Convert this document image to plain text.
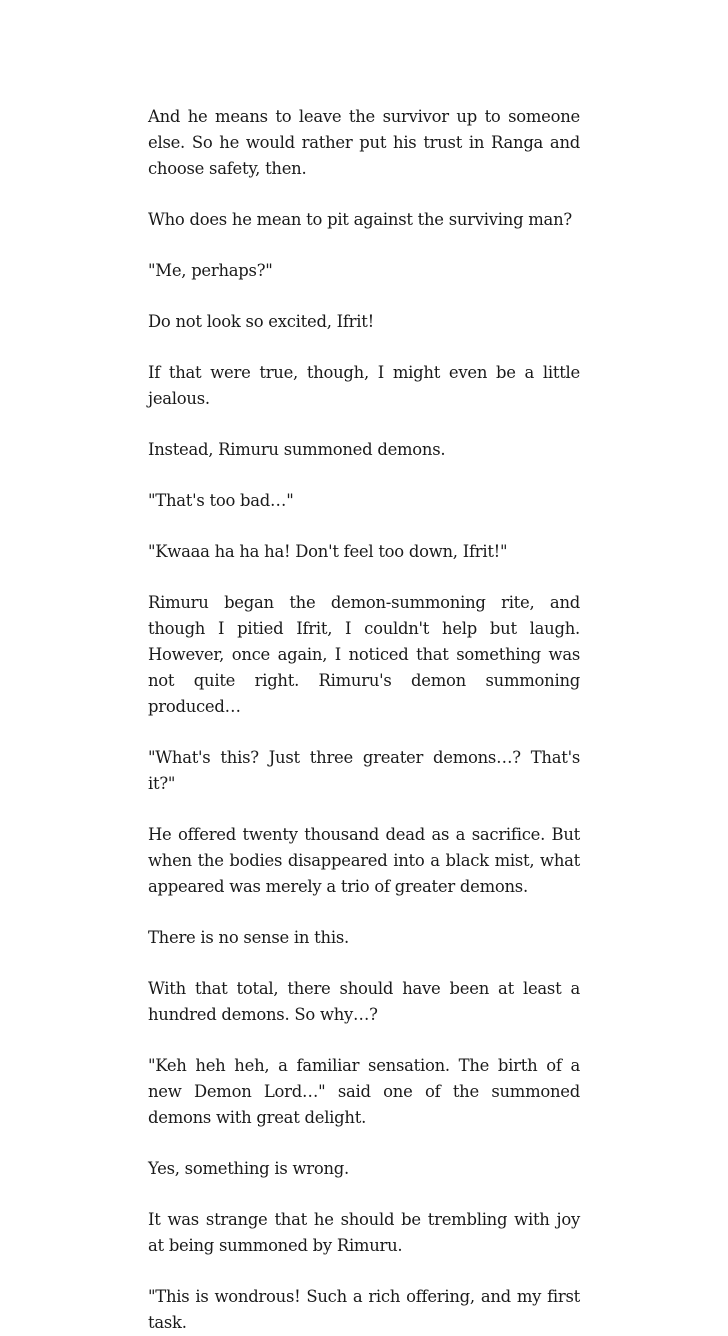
And he means to leave the survivor up to someone else. So he would rather put his trust in Ranga and choose safety, then.

Who does he mean to pit against the surviving man?

"Me, perhaps?"

Do not look so excited, Ifrit!

If that were true, though, I might even be a little jealous.

Instead, Rimuru summoned demons.

"That's too bad…"

"Kwaaa ha ha ha! Don't feel too down, Ifrit!"

Rimuru began the demon-summoning rite, and though I pitied Ifrit, I couldn't help but laugh. However, once again, I noticed that something was not quite right. Rimuru's demon summoning produced…

"What's this? Just three greater demons…? That's it?"

He offered twenty thousand dead as a sacrifice. But when the bodies disappeared into a black mist, what appeared was merely a trio of greater demons.

There is no sense in this.

With that total, there should have been at least a hundred demons. So why…?

"Keh heh heh, a familiar sensation. The birth of a new Demon Lord…" said one of the summoned demons with great delight.

Yes, something is wrong.

It was strange that he should be trembling with joy at being summoned by Rimuru.

"This is wondrous! Such a rich offering, and my first task.
